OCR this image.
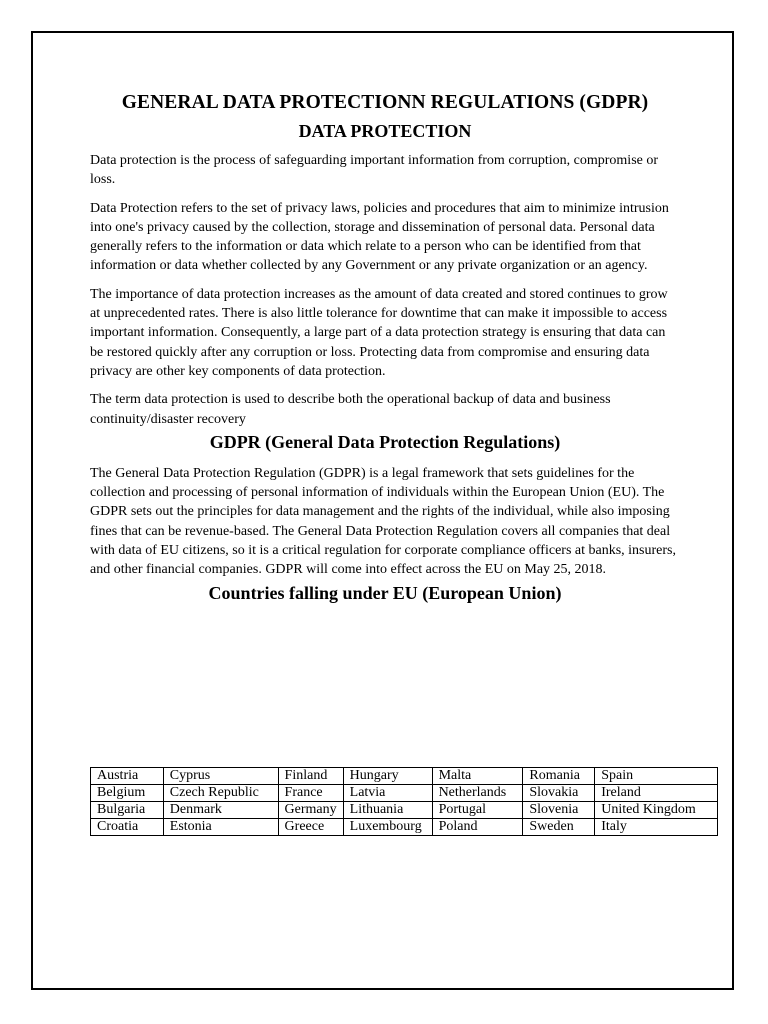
GENERAL DATA PROTECTIONN REGULATIONS (GDPR)
DATA PROTECTION

Data protection is the process of safeguarding important information from corruption, compromise or loss.

Data Protection refers to the set of privacy laws, policies and procedures that aim to minimize intrusion into one's privacy caused by the collection, storage and dissemination of personal data. Personal data generally refers to the information or data which relate to a person who can be identified from that information or data whether collected by any Government or any private organization or an agency.

The importance of data protection increases as the amount of data created and stored continues to grow at unprecedented rates. There is also little tolerance for downtime that can make it impossible to access important information. Consequently, a large part of a data protection strategy is ensuring that data can be restored quickly after any corruption or loss. Protecting data from compromise and ensuring data privacy are other key components of data protection.

The term data protection is used to describe both the operational backup of data and business continuity/disaster recovery

GDPR (General Data Protection Regulations)

The General Data Protection Regulation (GDPR) is a legal framework that sets guidelines for the collection and processing of personal information of individuals within the European Union (EU). The GDPR sets out the principles for data management and the rights of the individual, while also imposing fines that can be revenue-based. The General Data Protection Regulation covers all companies that deal with data of EU citizens, so it is a critical regulation for corporate compliance officers at banks, insurers, and other financial companies. GDPR will come into effect across the EU on May 25, 2018.

Countries falling under EU (European Union)
Austria	Cyprus	Finland	Hungary	Malta	Romania	Spain
Belgium	Czech Republic	France	Latvia	Netherlands	Slovakia	Ireland
Bulgaria	Denmark	Germany	Lithuania	Portugal	Slovenia	United Kingdom
Croatia	Estonia	Greece	Luxembourg	Poland	Sweden	Italy
